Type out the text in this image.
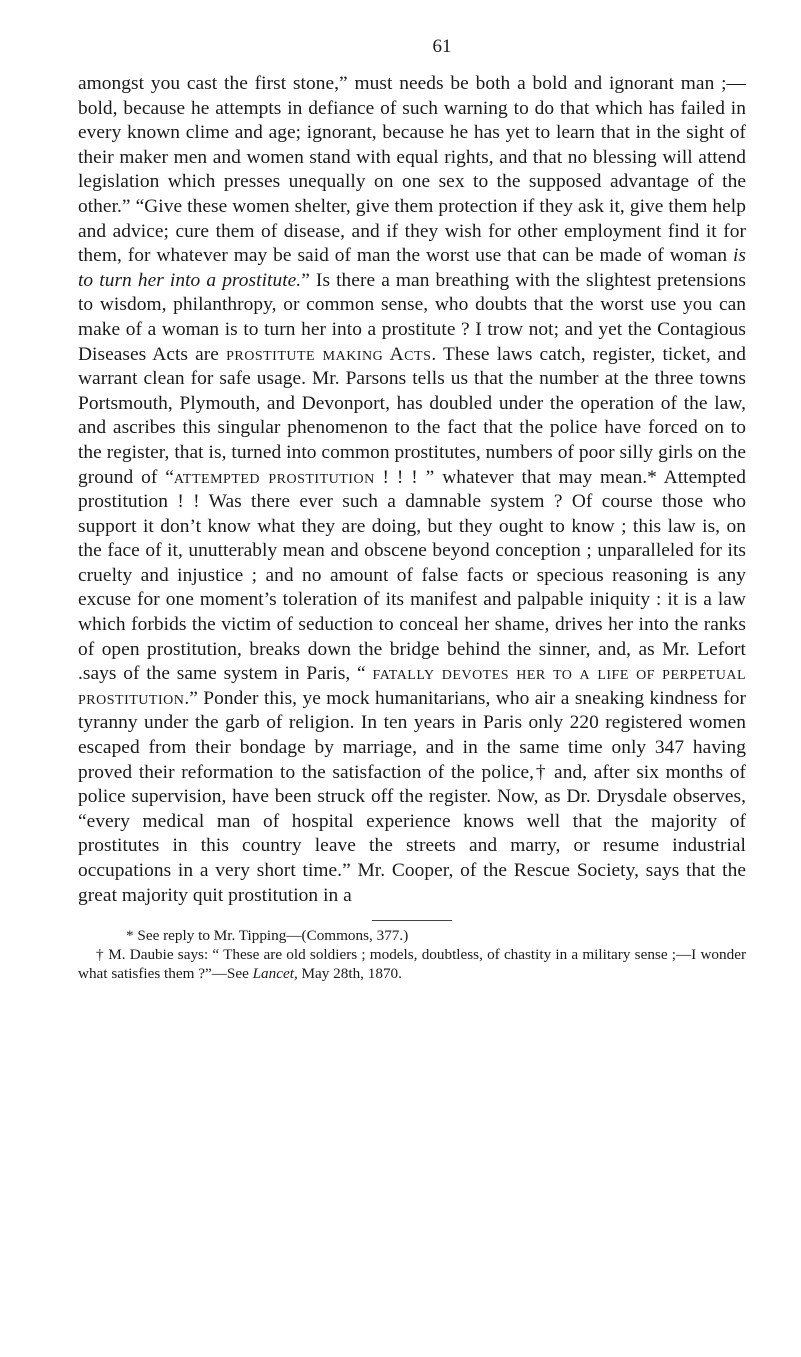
61

amongst you cast the first stone,” must needs be both a bold and ignorant man ;—bold, because he attempts in defiance of such warning to do that which has failed in every known clime and age; ignorant, because he has yet to learn that in the sight of their maker men and women stand with equal rights, and that no blessing will attend legislation which presses unequally on one sex to the supposed advantage of the other.” “Give these women shelter, give them protection if they ask it, give them help and advice; cure them of disease, and if they wish for other employment find it for them, for whatever may be said of man the worst use that can be made of woman is to turn her into a prostitute.” Is there a man breathing with the slightest pretensions to wisdom, philanthropy, or common sense, who doubts that the worst use you can make of a woman is to turn her into a prostitute ? I trow not; and yet the Contagious Diseases Acts are prostitute making Acts. These laws catch, register, ticket, and warrant clean for safe usage. Mr. Parsons tells us that the number at the three towns Portsmouth, Plymouth, and Devonport, has doubled under the operation of the law, and ascribes this singular phenomenon to the fact that the police have forced on to the register, that is, turned into common prostitutes, numbers of poor silly girls on the ground of “attempted prostitution ! ! ! ” whatever that may mean.* Attempted prostitution ! ! Was there ever such a damnable system ? Of course those who support it don’t know what they are doing, but they ought to know ; this law is, on the face of it, unutterably mean and obscene beyond conception ; unparalleled for its cruelty and injustice ; and no amount of false facts or specious reasoning is any excuse for one moment’s toleration of its manifest and palpable iniquity : it is a law which forbids the victim of seduction to conceal her shame, drives her into the ranks of open prostitution, breaks down the bridge behind the sinner, and, as Mr. Lefort .says of the same system in Paris, “ fatally devotes her to a life of perpetual prostitution.” Ponder this, ye mock humanitarians, who air a sneaking kindness for tyranny under the garb of religion. In ten years in Paris only 220 registered women escaped from their bondage by marriage, and in the same time only 347 having proved their reformation to the satisfaction of the police,† and, after six months of police supervision, have been struck off the register. Now, as Dr. Drysdale observes, “every medical man of hospital experience knows well that the majority of prostitutes in this country leave the streets and marry, or resume industrial occupations in a very short time.” Mr. Cooper, of the Rescue Society, says that the great majority quit prostitution in a

* See reply to Mr. Tipping—(Commons, 377.)

† M. Daubie says: “ These are old soldiers ; models, doubtless, of chastity in a military sense ;—I wonder what satisfies them ?”—See Lancet, May 28th, 1870.
